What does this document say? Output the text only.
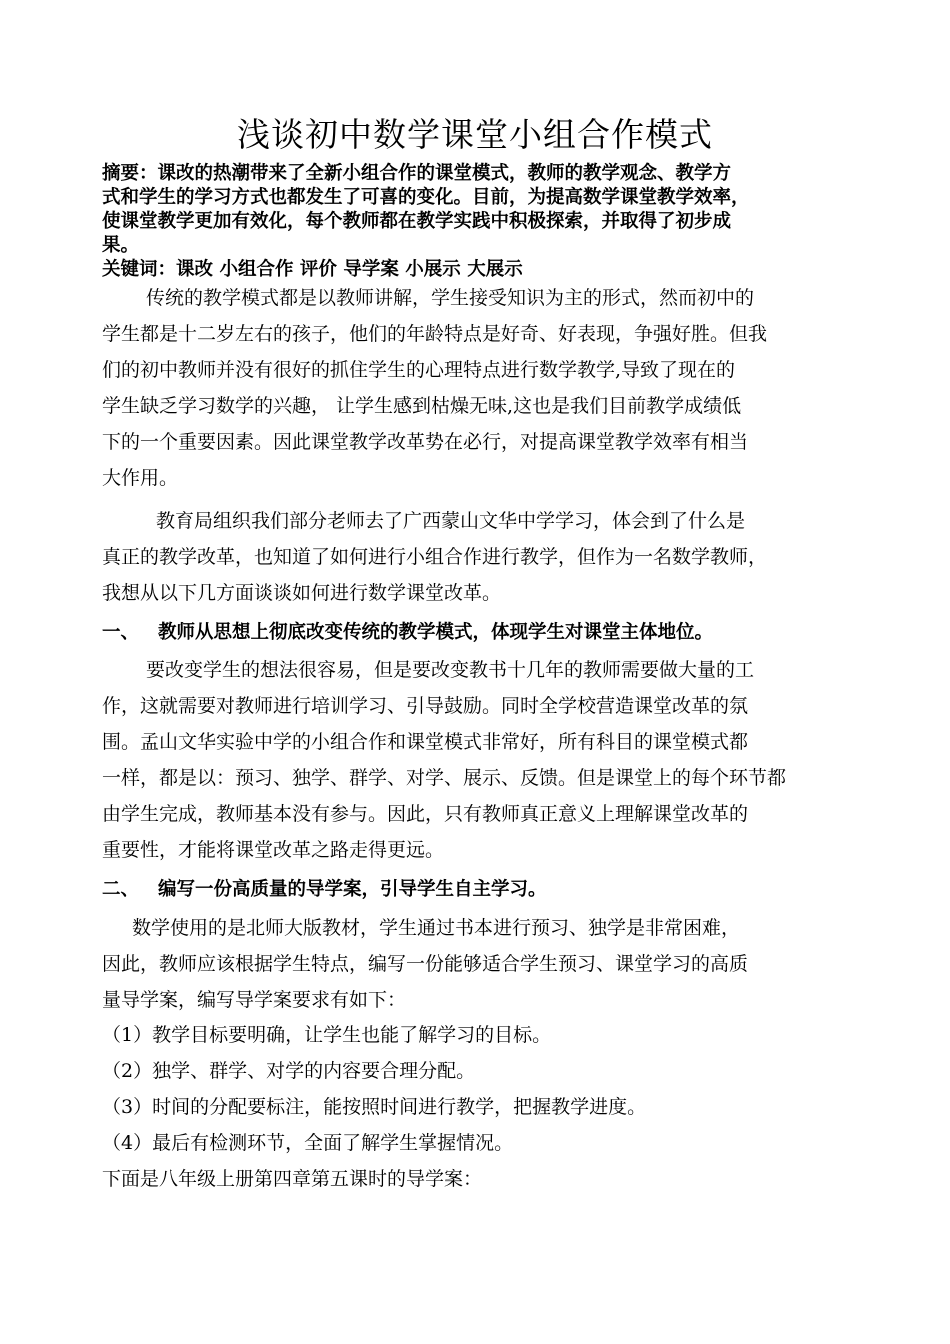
浅谈初中数学课堂小组合作模式
摘要：课改的热潮带来了全新小组合作的课堂模式，教师的教学观念、教学方
式和学生的学习方式也都发生了可喜的变化。目前，为提高数学课堂教学效率，
使课堂教学更加有效化，每个教师都在教学实践中积极探索，并取得了初步成
果。
关键词：课改 小组合作 评价 导学案 小展示 大展示
传统的教学模式都是以教师讲解，学生接受知识为主的形式，然而初中的
学生都是十二岁左右的孩子，他们的年龄特点是好奇、好表现，争强好胜。但我
们的初中教师并没有很好的抓住学生的心理特点进行数学教学,导致了现在的
学生缺乏学习数学的兴趣， 让学生感到枯燥无味,这也是我们目前教学成绩低
下的一个重要因素。因此课堂教学改革势在必行，对提高课堂教学效率有相当
大作用。
教育局组织我们部分老师去了广西蒙山文华中学学习，体会到了什么是
真正的教学改革，也知道了如何进行小组合作进行教学，但作为一名数学教师，
我想从以下几方面谈谈如何进行数学课堂改革。
一、 教师从思想上彻底改变传统的教学模式，体现学生对课堂主体地位。
要改变学生的想法很容易，但是要改变教书十几年的教师需要做大量的工
作，这就需要对教师进行培训学习、引导鼓励。同时全学校营造课堂改革的氛
围。孟山文华实验中学的小组合作和课堂模式非常好，所有科目的课堂模式都
一样，都是以：预习、独学、群学、对学、展示、反馈。但是课堂上的每个环节都
由学生完成，教师基本没有参与。因此，只有教师真正意义上理解课堂改革的
重要性，才能将课堂改革之路走得更远。
二、 编写一份高质量的导学案，引导学生自主学习。
数学使用的是北师大版教材，学生通过书本进行预习、独学是非常困难，
因此，教师应该根据学生特点，编写一份能够适合学生预习、课堂学习的高质
量导学案，编写导学案要求有如下：
（1）教学目标要明确，让学生也能了解学习的目标。
（2）独学、群学、对学的内容要合理分配。
（3）时间的分配要标注，能按照时间进行教学，把握教学进度。
（4）最后有检测环节，全面了解学生掌握情况。
下面是八年级上册第四章第五课时的导学案：
